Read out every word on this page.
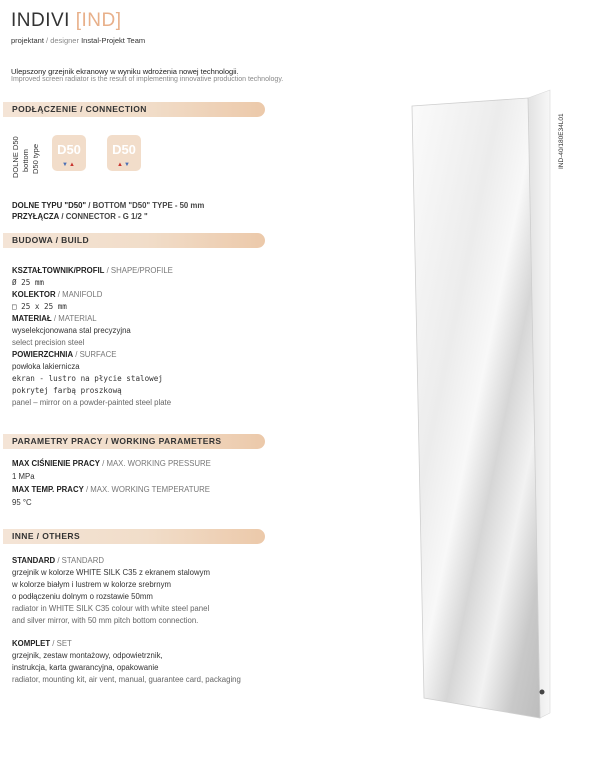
INDIVI [IND]
projektant / designer Instal-Projekt Team
Ulepszony grzejnik ekranowy w wyniku wdrożenia nowej technologii.
Improved screen radiator is the result of implementing innovative production technology.
PODŁĄCZENIE / CONNECTION
DOLNE D50 bottom D50 type	D50
▼▲
D50
▲▼
DOLNE TYPU "D50" / BOTTOM "D50" TYPE - 50 mm
PRZYŁĄCZA / CONNECTOR - G 1/2 "
BUDOWA / BUILD
KSZTAŁTOWNIK/PROFIL / SHAPE/PROFILE
Ø 25 mm
KOLEKTOR / MANIFOLD
□ 25 x 25 mm
MATERIAŁ / MATERIAL
wyselekcjonowana stal precyzyjna
select precision steel
POWIERZCHNIA / SURFACE
powłoka lakiernicza
ekran - lustro na płycie stalowej
pokrytej farbą proszkową
panel – mirror on a powder-painted steel plate
PARAMETRY PRACY / WORKING PARAMETERS
MAX CIŚNIENIE PRACY / MAX. WORKING PRESSURE
1 MPa
MAX TEMP. PRACY / MAX. WORKING TEMPERATURE
95 °C
INNE / OTHERS
STANDARD / STANDARD
grzejnik w kolorze WHITE SILK C35 z ekranem stalowym
w kolorze białym i lustrem w kolorze srebrnym
o podłączeniu dolnym o rozstawie 50mm
radiator in WHITE SILK C35 colour with white steel panel
and silver mirror, with 50 mm pitch bottom connection.
KOMPLET / SET
grzejnik, zestaw montażowy, odpowietrznik,
instrukcja, karta gwarancyjna, opakowanie
radiator, mounting kit, air vent, manual, guarantee card, packaging
IND-40/180E34L01
